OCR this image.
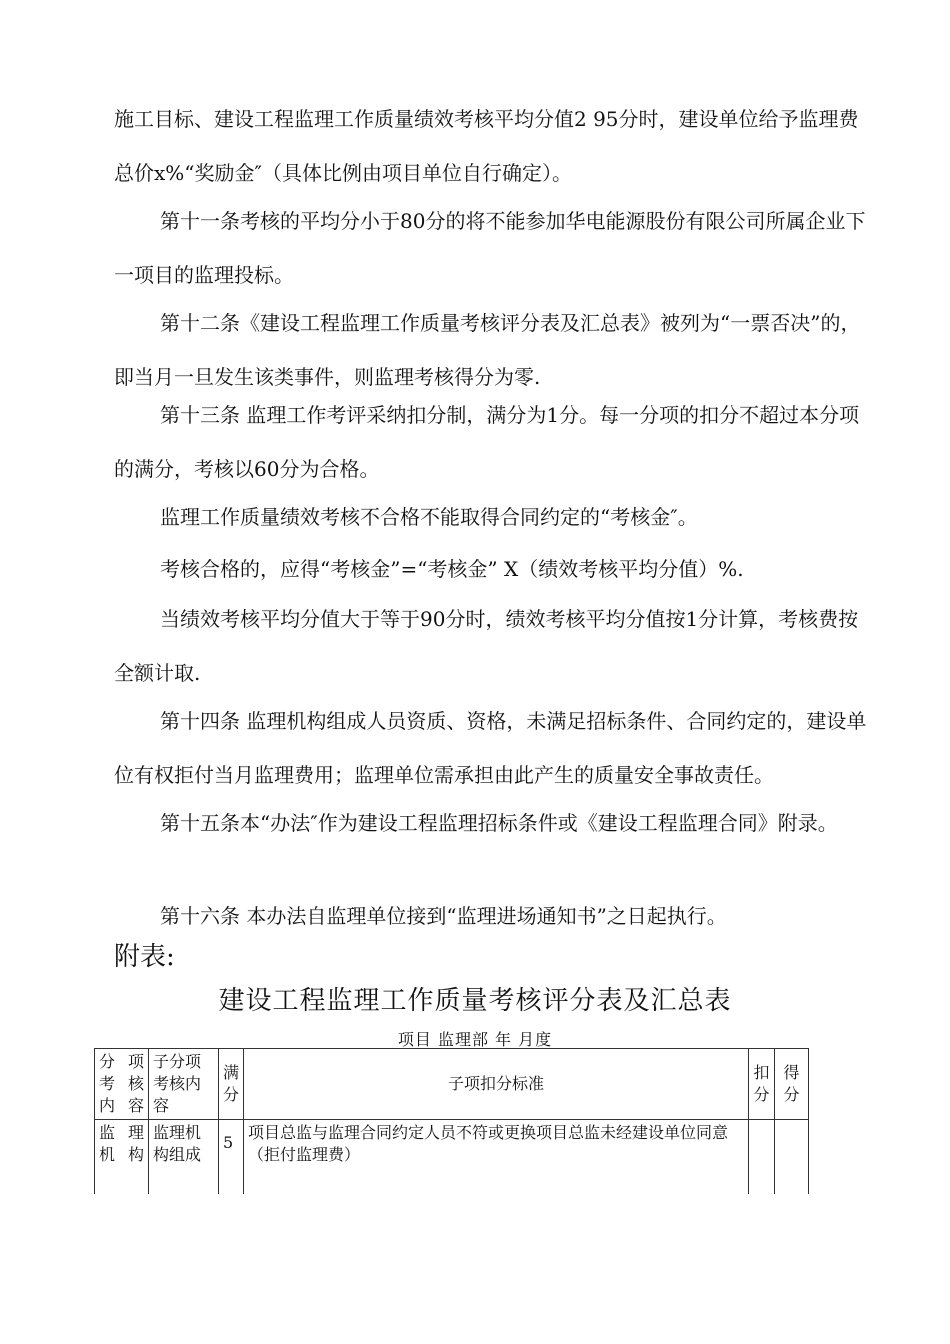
施工目标、建设工程监理工作质量绩效考核平均分值2 95分时，建设单位给予监理费总价x%“奖励金″（具体比例由项目单位自行确定）。

第十一条考核的平均分小于80分的将不能参加华电能源股份有限公司所属企业下一项目的监理投标。

第十二条《建设工程监理工作质量考核评分表及汇总表》被列为“一票否决”的，即当月一旦发生该类事件，则监理考核得分为零.

第十三条 监理工作考评采纳扣分制，满分为1分。每一分项的扣分不超过本分项的满分，考核以60分为合格。

监理工作质量绩效考核不合格不能取得合同约定的“考核金″。

考核合格的，应得“考核金”=“考核金” X（绩效考核平均分值）%.

当绩效考核平均分值大于等于90分时，绩效考核平均分值按1分计算，考核费按全额计取.

第十四条 监理机构组成人员资质、资格，未满足招标条件、合同约定的，建设单位有权拒付当月监理费用；监理单位需承担由此产生的质量安全事故责任。

第十五条本“办法″作为建设工程监理招标条件或《建设工程监理合同》附录。

第十六条 本办法自监理单位接到“监理进场通知书”之日起执行。

附表:

建设工程监理工作质量考核评分表及汇总表

项目 监理部 年 月度

分项考核内容	子分项考核内容	满分	子项扣分标准	扣分	得分
监理机构	监理机构组成	5	项目总监与监理合同约定人员不符或更换项目总监未经建设单位同意（拒付监理费）		
